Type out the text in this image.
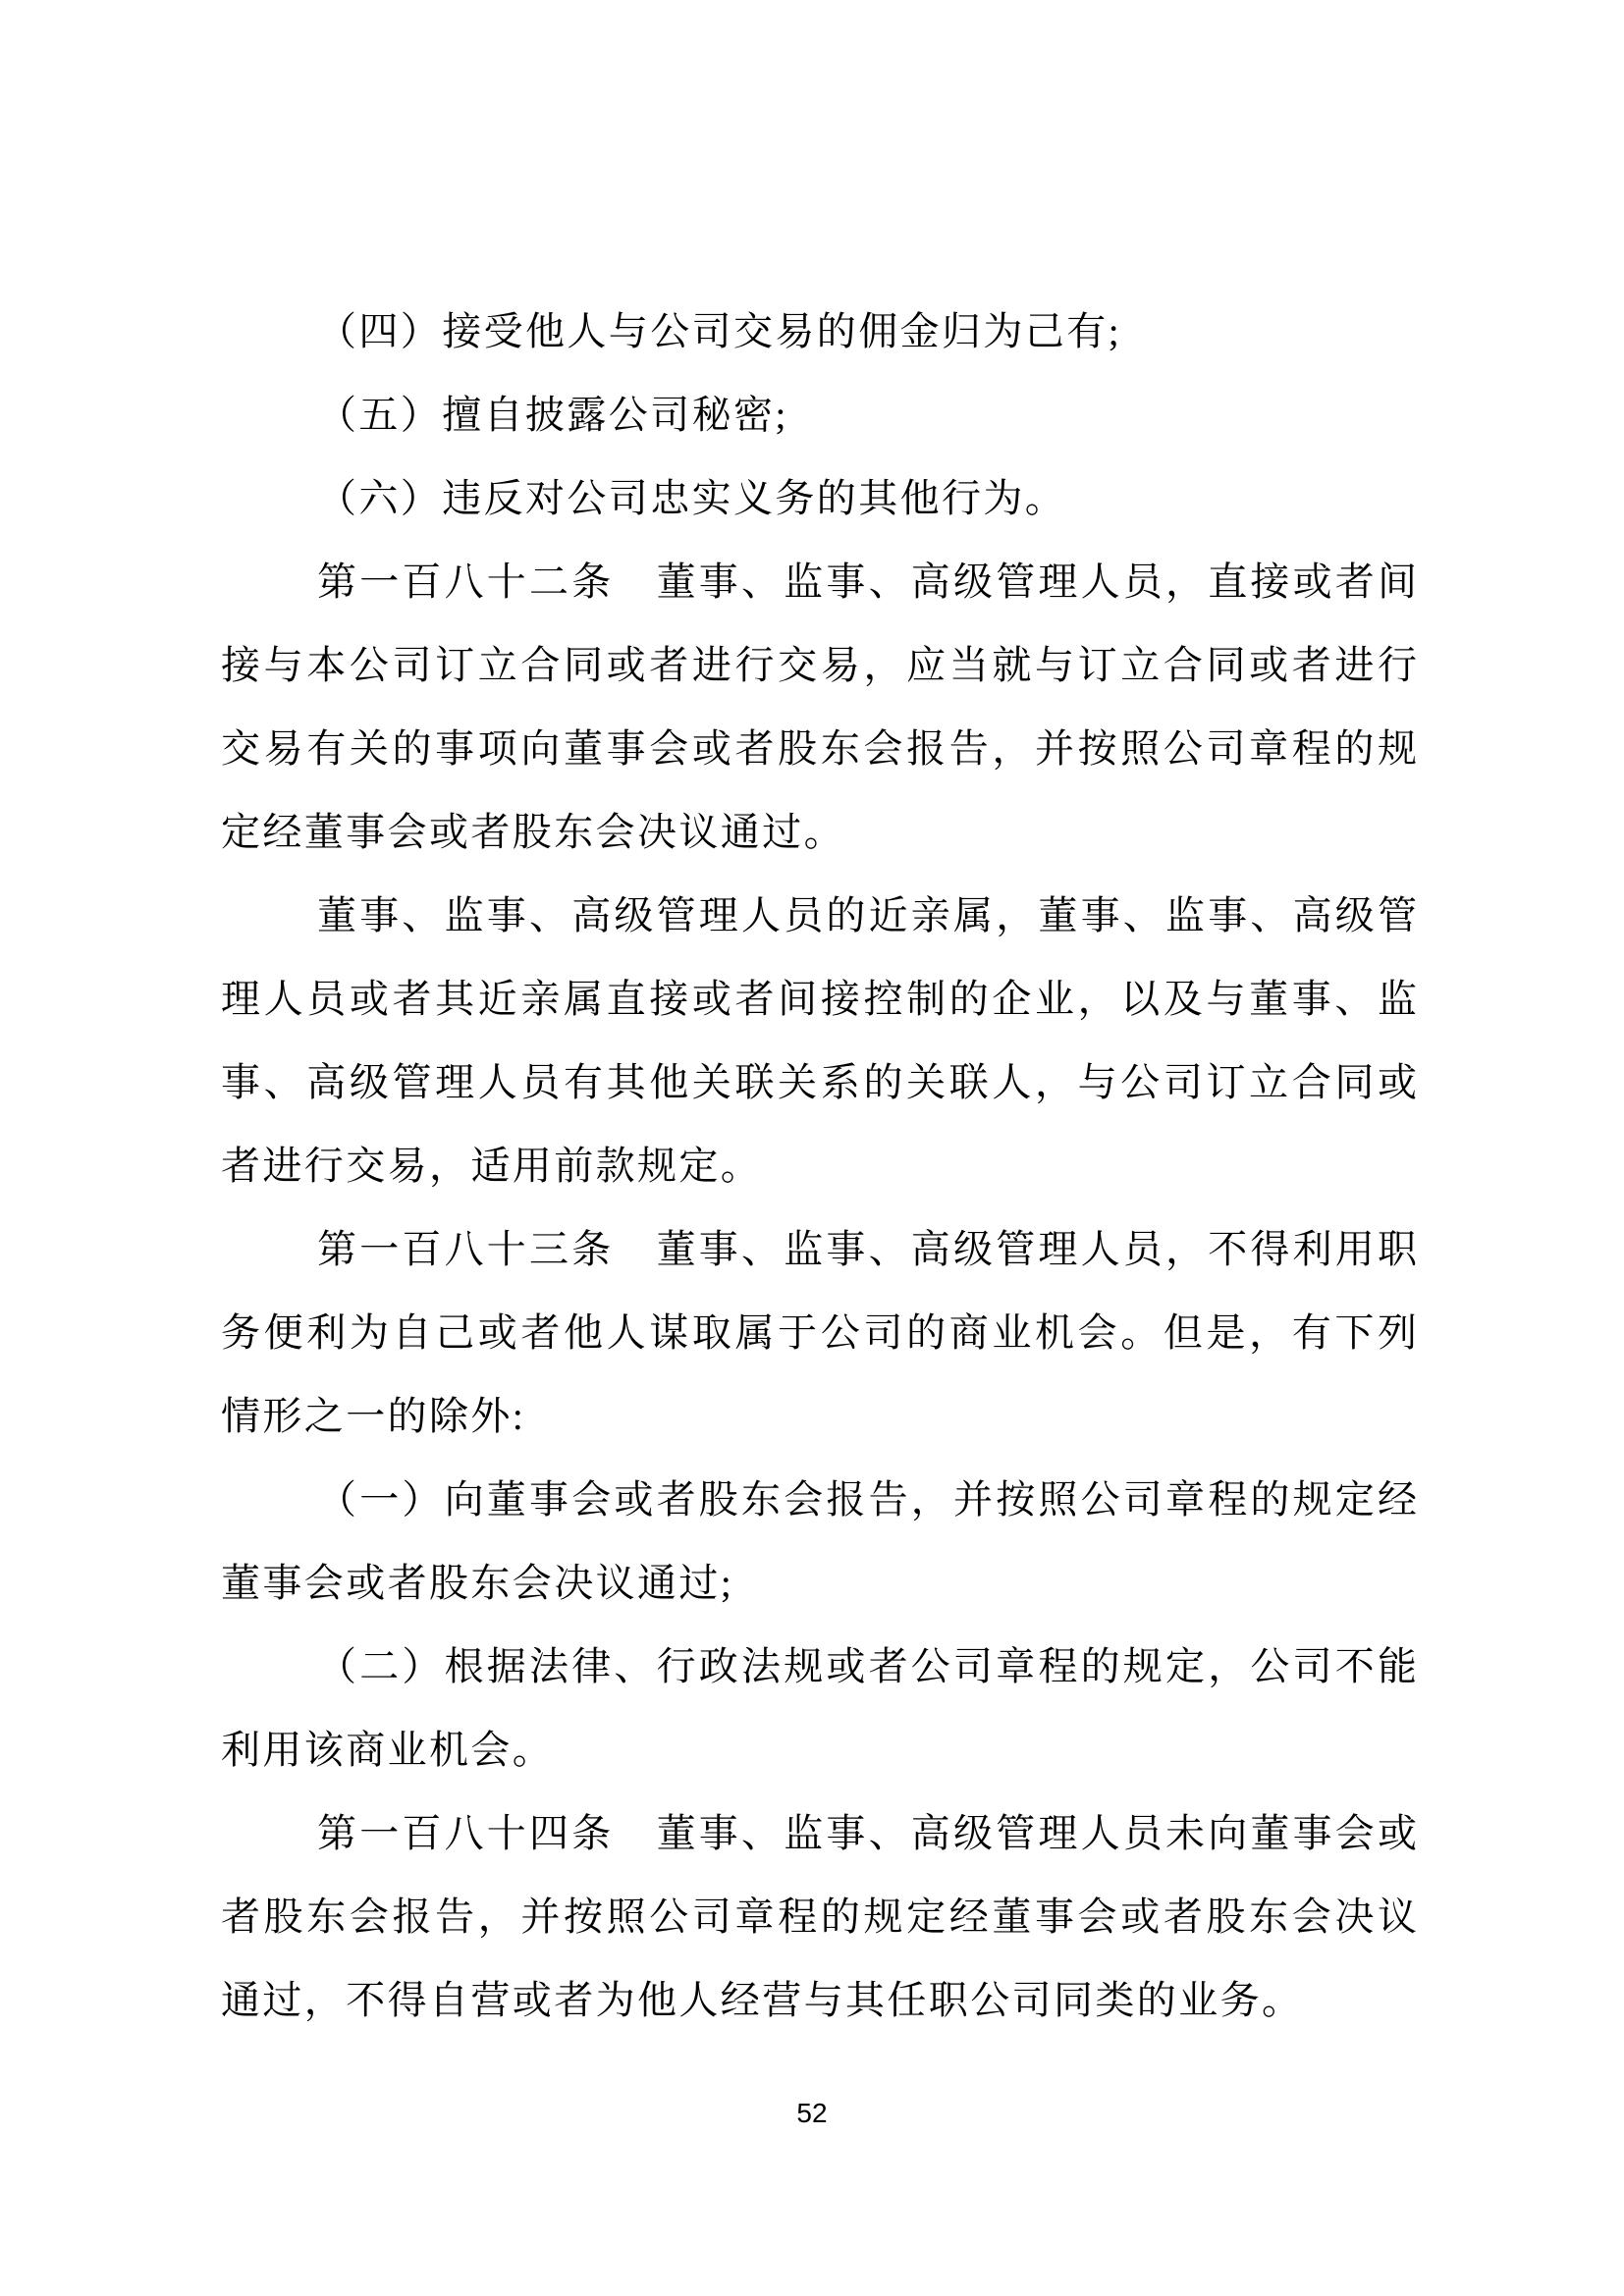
（四）接受他人与公司交易的佣金归为己有;
（五）擅自披露公司秘密;
（六）违反对公司忠实义务的其他行为。
第一百八十二条　董事、监事、高级管理人员，直接或者间
接与本公司订立合同或者进行交易，应当就与订立合同或者进行
交易有关的事项向董事会或者股东会报告，并按照公司章程的规
定经董事会或者股东会决议通过。
董事、监事、高级管理人员的近亲属，董事、监事、高级管
理人员或者其近亲属直接或者间接控制的企业，以及与董事、监
事、高级管理人员有其他关联关系的关联人，与公司订立合同或
者进行交易，适用前款规定。
第一百八十三条　董事、监事、高级管理人员，不得利用职
务便利为自己或者他人谋取属于公司的商业机会。但是，有下列
情形之一的除外:
（一）向董事会或者股东会报告，并按照公司章程的规定经
董事会或者股东会决议通过;
（二）根据法律、行政法规或者公司章程的规定，公司不能
利用该商业机会。
第一百八十四条　董事、监事、高级管理人员未向董事会或
者股东会报告，并按照公司章程的规定经董事会或者股东会决议
通过，不得自营或者为他人经营与其任职公司同类的业务。
52
